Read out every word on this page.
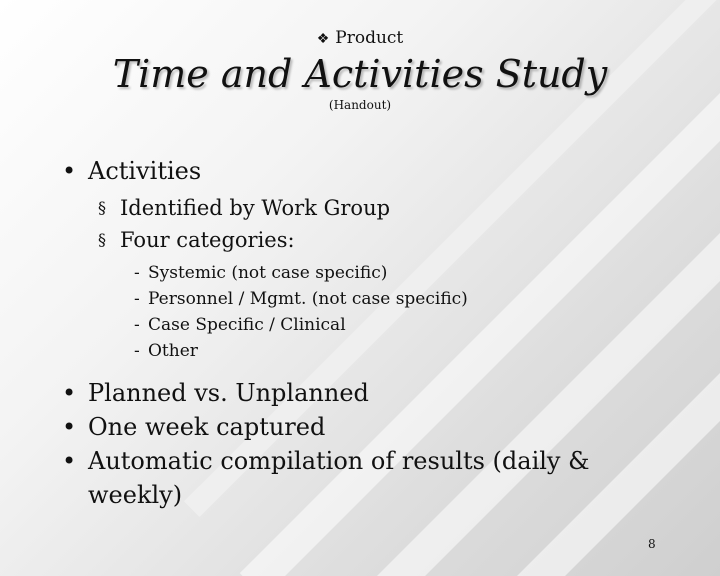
❖ Product
Time and Activities Study
(Handout)
• Activities
§ Identified by Work Group
§ Four categories:
- Systemic (not case specific)
- Personnel / Mgmt. (not case specific)
- Case Specific / Clinical
- Other
• Planned vs. Unplanned
• One week captured
• Automatic compilation of results (daily &
weekly)
8
